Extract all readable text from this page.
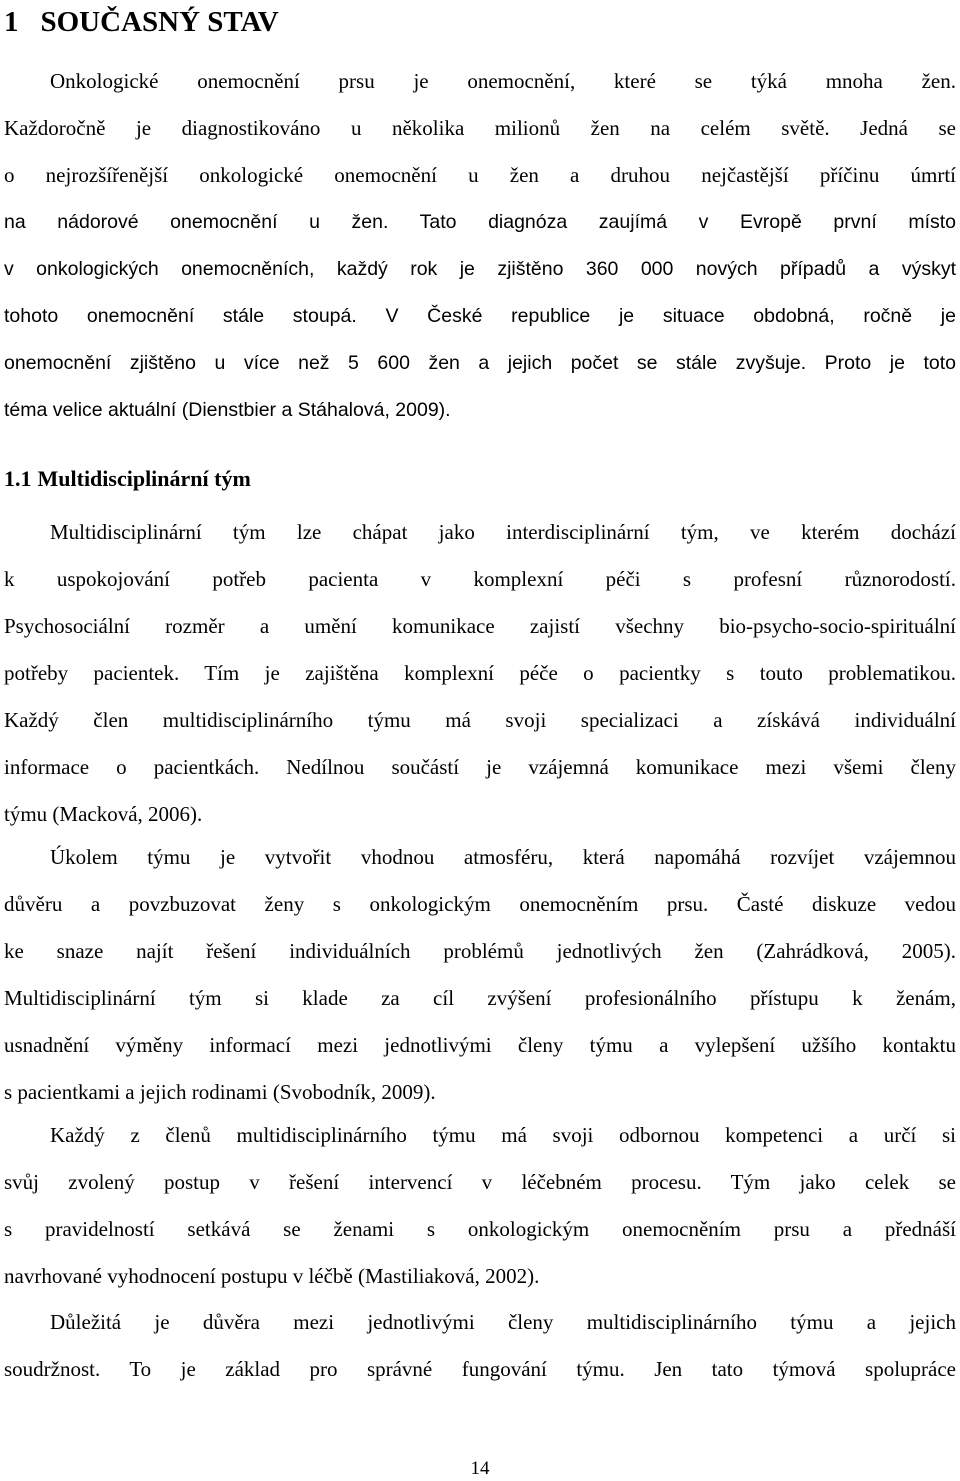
1 SOUČASNÝ STAV

Onkologické onemocnění prsu je onemocnění, které se týká mnoha žen.
Každoročně je diagnostikováno u několika milionů žen na celém světě. Jedná se
o nejrozšířenější onkologické onemocnění u žen a druhou nejčastější příčinu úmrtí

na nádorové onemocnění u žen. Tato diagnóza zaujímá v Evropě první místo
v onkologických onemocněních, každý rok je zjištěno 360 000 nových případů a výskyt
tohoto onemocnění stále stoupá. V České republice je situace obdobná, ročně je
onemocnění zjištěno u více než 5 600 žen a jejich počet se stále zvyšuje. Proto je toto
téma velice aktuální (Dienstbier a Stáhalová, 2009).

1.1 Multidisciplinární tým

Multidisciplinární tým lze chápat jako interdisciplinární tým, ve kterém dochází
k uspokojování potřeb pacienta v komplexní péči s profesní různorodostí.
Psychosociální rozměr a umění komunikace zajistí všechny bio-psycho-socio-spirituální
potřeby pacientek. Tím je zajištěna komplexní péče o pacientky s touto problematikou.
Každý člen multidisciplinárního týmu má svoji specializaci a získává individuální
informace o pacientkách. Nedílnou součástí je vzájemná komunikace mezi všemi členy
týmu (Macková, 2006).

Úkolem týmu je vytvořit vhodnou atmosféru, která napomáhá rozvíjet vzájemnou
důvěru a povzbuzovat ženy s onkologickým onemocněním prsu. Časté diskuze vedou
ke snaze najít řešení individuálních problémů jednotlivých žen (Zahrádková, 2005).
Multidisciplinární tým si klade za cíl zvýšení profesionálního přístupu k ženám,
usnadnění výměny informací mezi jednotlivými členy týmu a vylepšení užšího kontaktu
s pacientkami a jejich rodinami (Svobodník, 2009).

Každý z členů multidisciplinárního týmu má svoji odbornou kompetenci a určí si
svůj zvolený postup v řešení intervencí v léčebném procesu. Tým jako celek se
s pravidelností setkává se ženami s onkologickým onemocněním prsu a přednáší
navrhované vyhodnocení postupu v léčbě (Mastiliaková, 2002).

Důležitá je důvěra mezi jednotlivými členy multidisciplinárního týmu a jejich
soudržnost. To je základ pro správné fungování týmu. Jen tato týmová spolupráce

14
